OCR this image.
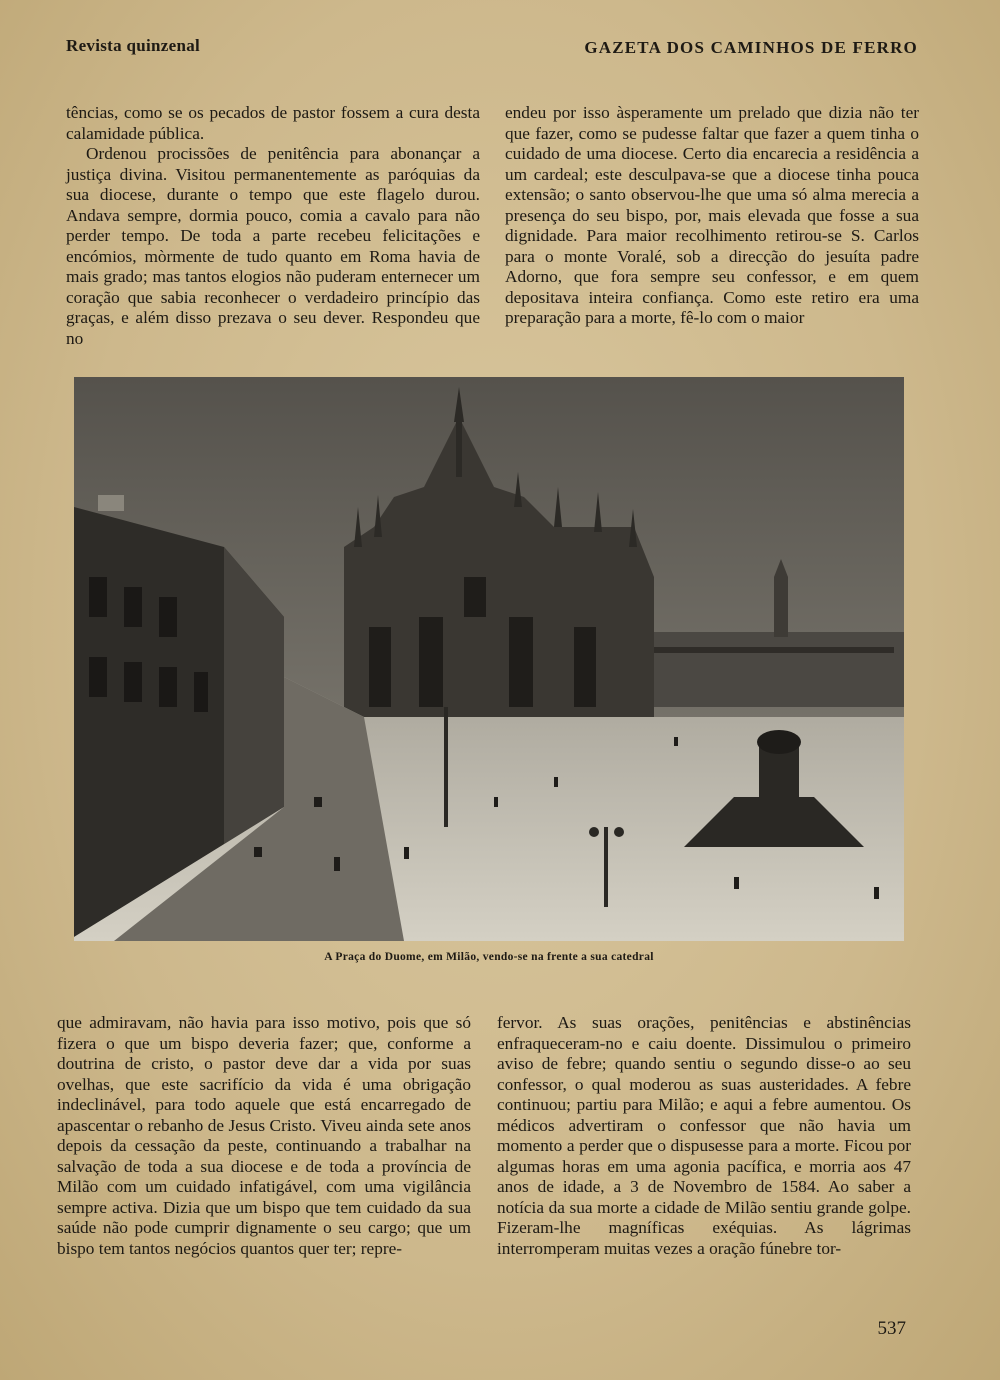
Revista quinzenal	GAZETA DOS CAMINHOS DE FERRO

tências, como se os pecados de pastor fossem a cura desta calamidade pública.

Ordenou procissões de penitência para abonançar a justiça divina. Visitou permanentemente as paróquias da sua diocese, durante o tempo que este flagelo durou. Andava sempre, dormia pouco, comia a cavalo para não perder tempo. De toda a parte recebeu felicitações e encómios, mòrmente de tudo quanto em Roma havia de mais grado; mas tantos elogios não puderam enternecer um coração que sabia reconhecer o verdadeiro princípio das graças, e além disso prezava o seu dever. Respondeu que no

endeu por isso àsperamente um prelado que dizia não ter que fazer, como se pudesse faltar que fazer a quem tinha o cuidado de uma diocese. Certo dia encarecia a residência a um cardeal; este desculpava-se que a diocese tinha pouca extensão; o santo observou-lhe que uma só alma merecia a presença do seu bispo, por, mais elevada que fosse a sua dignidade. Para maior recolhimento retirou-se S. Carlos para o monte Voralé, sob a direcção do jesuíta padre Adorno, que fora sempre seu confessor, e em quem depositava inteira confiança. Como este retiro era uma preparação para a morte, fê-lo com o maior

A Praça do Duome, em Milão, vendo-se na frente a sua catedral

que admiravam, não havia para isso motivo, pois que só fizera o que um bispo deveria fazer; que, conforme a doutrina de cristo, o pastor deve dar a vida por suas ovelhas, que este sacrifício da vida é uma obrigação indeclinável, para todo aquele que está encarregado de apascentar o rebanho de Jesus Cristo. Viveu ainda sete anos depois da cessação da peste, continuando a trabalhar na salvação de toda a sua diocese e de toda a província de Milão com um cuidado infatigável, com uma vigilância sempre activa. Dizia que um bispo que tem cuidado da sua saúde não pode cumprir dignamente o seu cargo; que um bispo tem tantos negócios quantos quer ter; repre-

fervor. As suas orações, penitências e abstinências enfraqueceram-no e caiu doente. Dissimulou o primeiro aviso de febre; quando sentiu o segundo disse-o ao seu confessor, o qual moderou as suas austeridades. A febre continuou; partiu para Milão; e aqui a febre aumentou. Os médicos advertiram o confessor que não havia um momento a perder que o dispusesse para a morte. Ficou por algumas horas em uma agonia pacífica, e morria aos 47 anos de idade, a 3 de Novembro de 1584. Ao saber a notícia da sua morte a cidade de Milão sentiu grande golpe. Fizeram-lhe magníficas exéquias. As lágrimas interromperam muitas vezes a oração fúnebre tor-

537
